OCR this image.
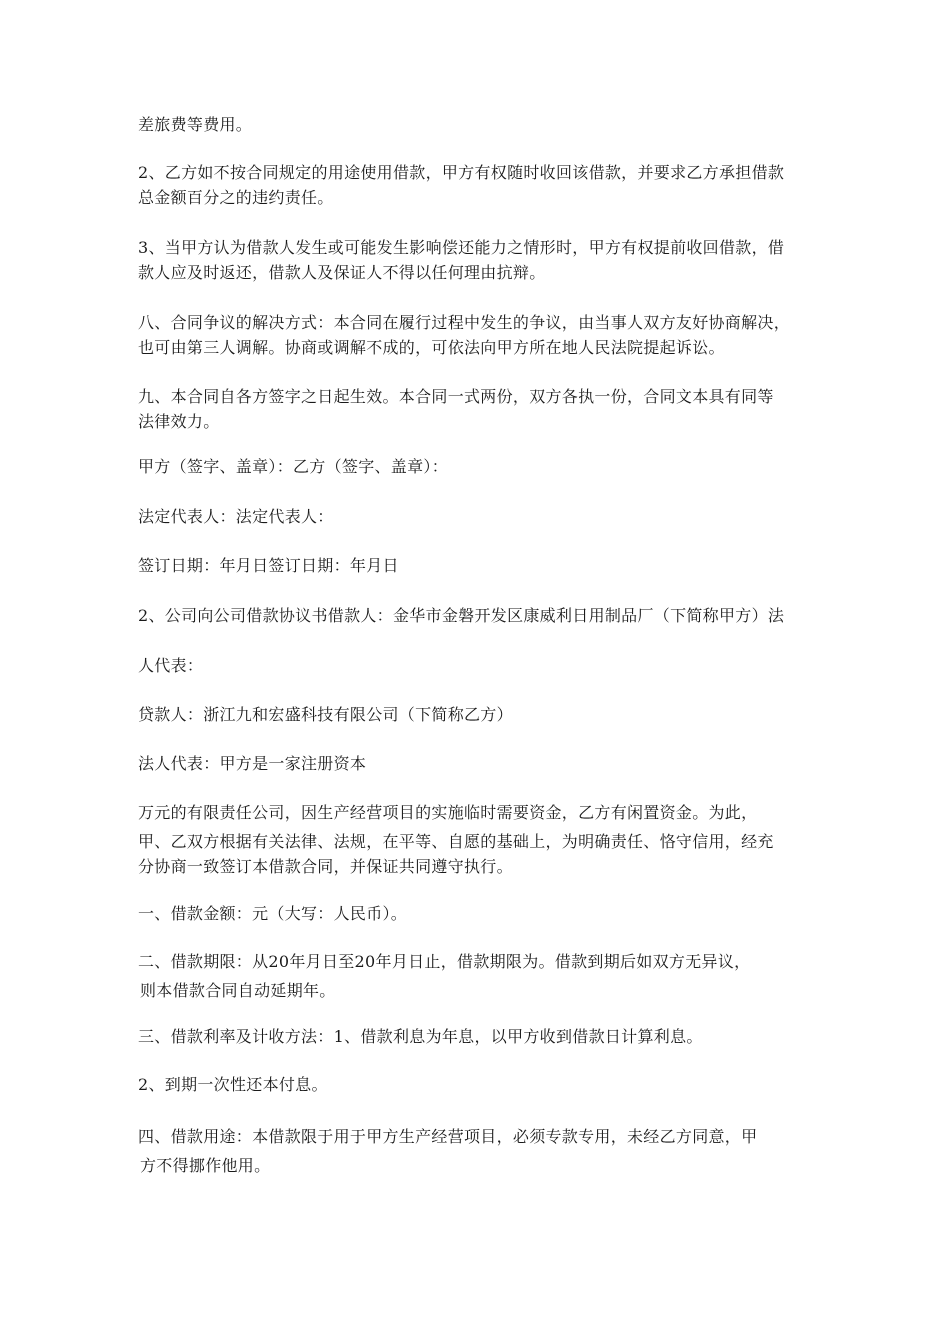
差旅费等费用。
2、乙方如不按合同规定的用途使用借款，甲方有权随时收回该借款，并要求乙方承担借款
总金额百分之的违约责任。
3、当甲方认为借款人发生或可能发生影响偿还能力之情形时，甲方有权提前收回借款，借
款人应及时返还，借款人及保证人不得以任何理由抗辩。
八、合同争议的解决方式：本合同在履行过程中发生的争议，由当事人双方友好协商解决，
也可由第三人调解。协商或调解不成的，可依法向甲方所在地人民法院提起诉讼。
九、本合同自各方签字之日起生效。本合同一式两份，双方各执一份，合同文本具有同等
法律效力。
甲方（签字、盖章）：乙方（签字、盖章）：
法定代表人：法定代表人：
签订日期：年月日签订日期：年月日
2、公司向公司借款协议书借款人：金华市金磐开发区康威利日用制品厂（下简称甲方）法
人代表：
贷款人：浙江九和宏盛科技有限公司（下简称乙方）
法人代表：甲方是一家注册资本
万元的有限责任公司，因生产经营项目的实施临时需要资金，乙方有闲置资金。为此，
甲、乙双方根据有关法律、法规，在平等、自愿的基础上，为明确责任、恪守信用，经充
分协商一致签订本借款合同，并保证共同遵守执行。
一、借款金额：元（大写：人民币）。
二、借款期限：从20年月日至20年月日止，借款期限为。借款到期后如双方无异议，
则本借款合同自动延期年。
三、借款利率及计收方法：1、借款利息为年息，以甲方收到借款日计算利息。
2、到期一次性还本付息。
四、借款用途：本借款限于用于甲方生产经营项目，必须专款专用，未经乙方同意，甲
方不得挪作他用。
